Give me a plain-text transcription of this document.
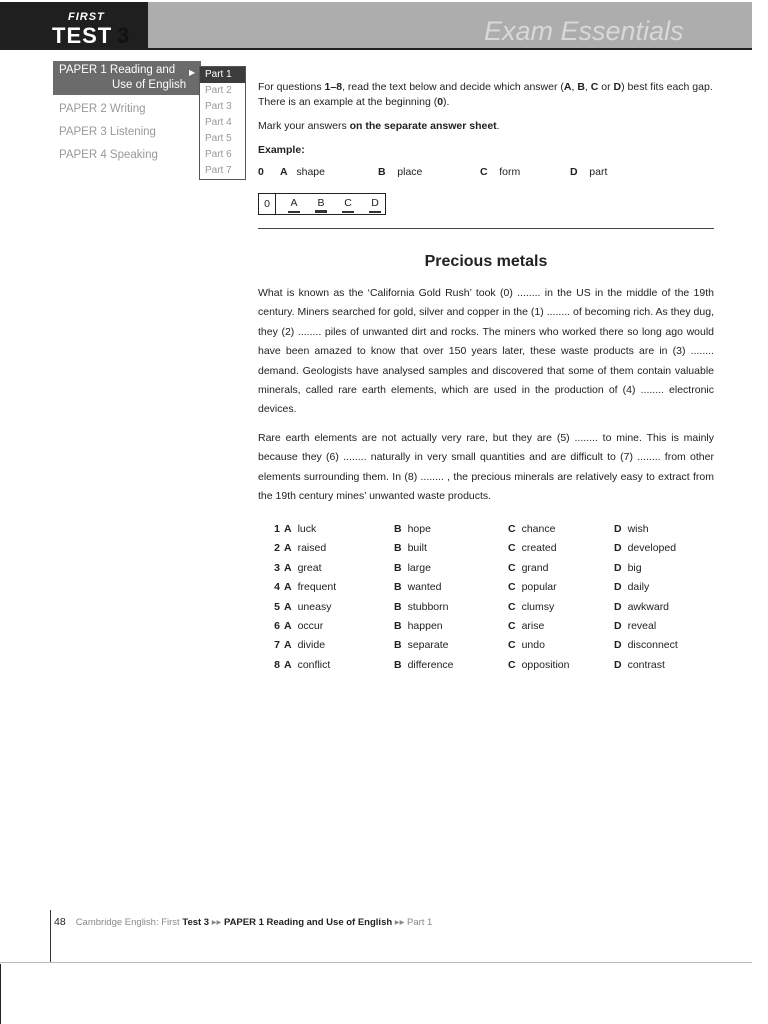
FIRST
TEST 3	Exam Essentials
PAPER 1 Reading and
Use of English
▶
PAPER 2 Writing
PAPER 3 Listening
PAPER 4 Speaking
Part 1
Part 2
Part 3
Part 4
Part 5
Part 6
Part 7

For questions 1–8, read the text below and decide which answer (A, B, C or D) best fits each gap. There is an example at the beginning (0).

Mark your answers on the separate answer sheet.

Example:

0 A shape	B place	C form	D part
0	A	B	C	D
Precious metals

What is known as the ‘California Gold Rush’ took (0) ........ in the US in the middle of the 19th century. Miners searched for gold, silver and copper in the (1) ........ of becoming rich. As they dug, they (2) ........ piles of unwanted dirt and rocks. The miners who worked there so long ago would have been amazed to know that over 150 years later, these waste products are in (3) ........ demand. Geologists have analysed samples and discovered that some of them contain valuable minerals, called rare earth elements, which are used in the production of (4) ........ electronic devices.

Rare earth elements are not actually very rare, but they are (5) ........ to mine. This is mainly because they (6) ........ naturally in very small quantities and are difficult to (7) ........ from other elements surrounding them. In (8) ........ , the precious minerals are relatively easy to extract from the 19th century mines’ unwanted waste products.

1 A luck	B hope	C chance	D wish
2 A raised	B built	C created	D developed
3 A great	B large	C grand	D big
4 A frequent	B wanted	C popular	D daily
5 A uneasy	B stubborn	C clumsy	D awkward
6 A occur	B happen	C arise	D reveal
7 A divide	B separate	C undo	D disconnect
8 A conflict	B difference	C opposition	D contrast
48 Cambridge English: First Test 3 ▸▸ PAPER 1 Reading and Use of English ▸▸ Part 1
